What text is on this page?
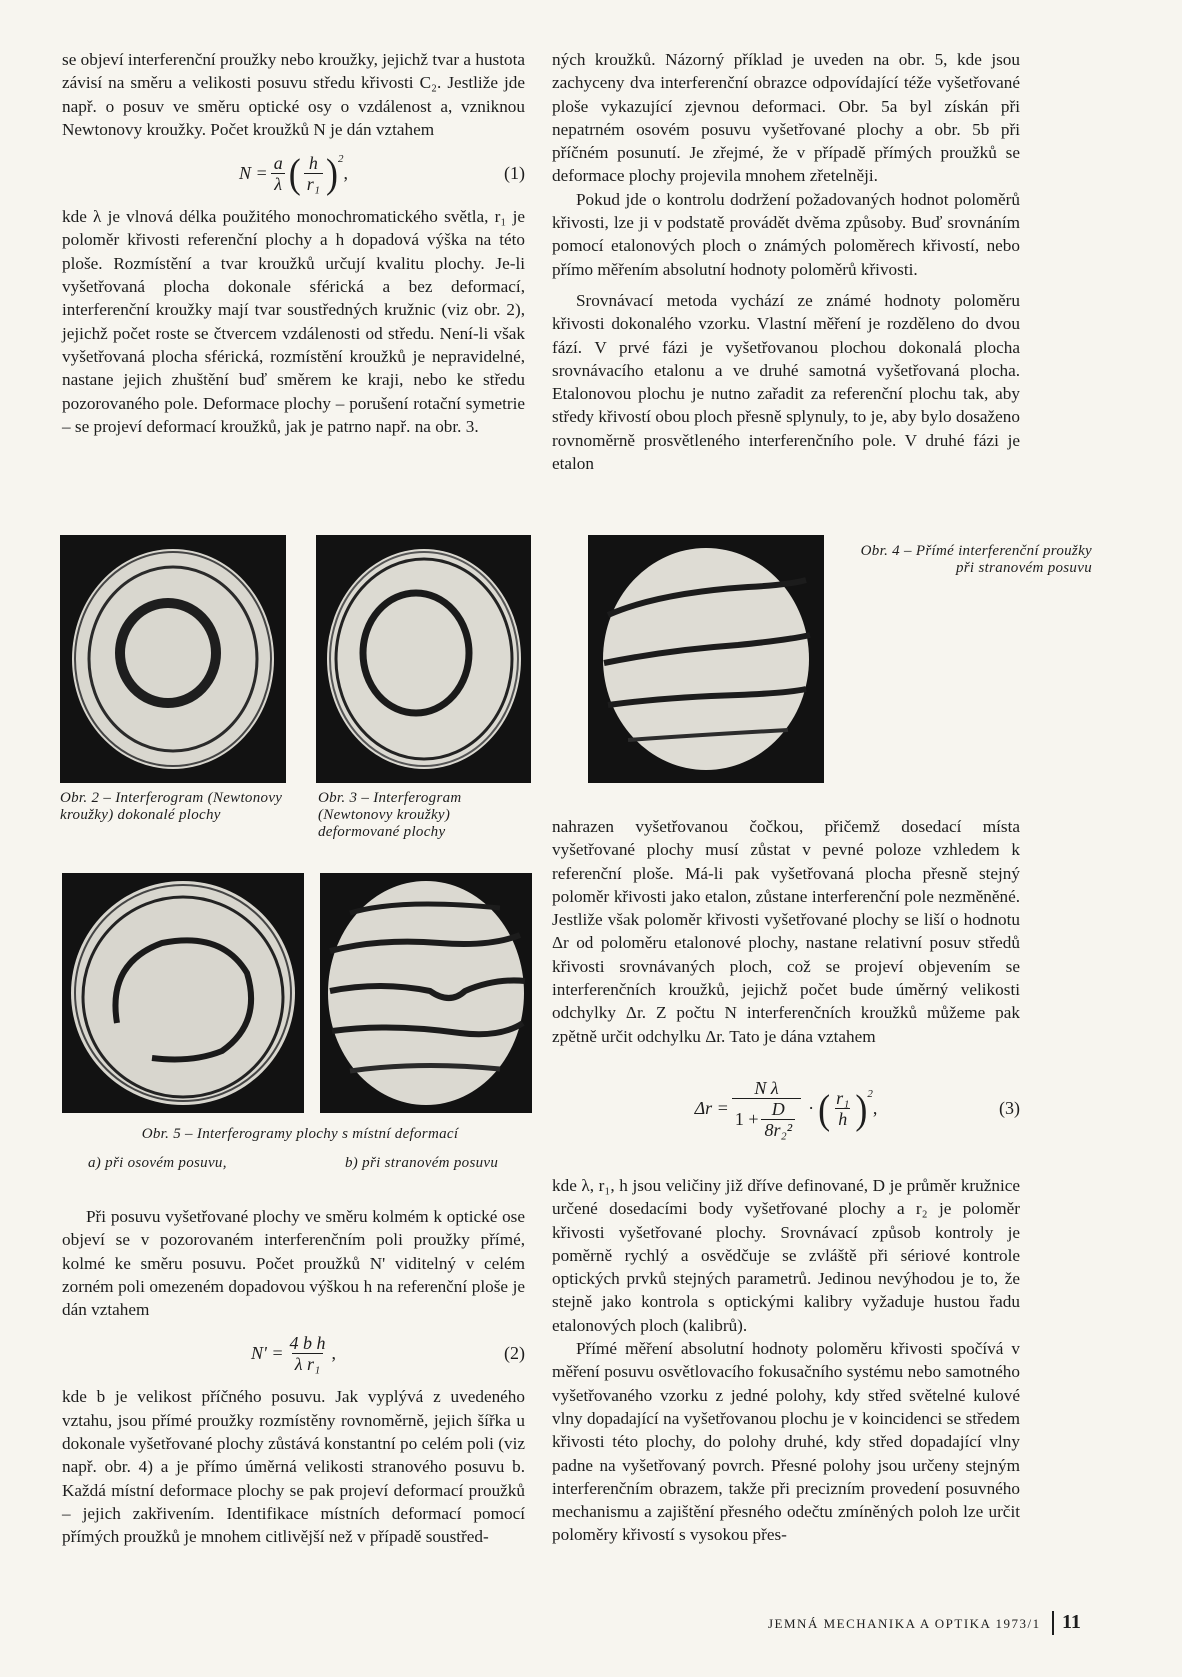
se objeví interferenční proužky nebo kroužky, jejichž tvar a hustota závisí na směru a velikosti posuvu středu křivosti C₂. Jestliže jde např. o posuv ve směru optické osy o vzdálenost a, vzniknou Newtonovy kroužky. Počet kroužků N je dán vztahem

$N = \frac{a}{\lambda}$ ( $\frac{h}{\text{r₁}} )^2$
,	(1)

kde λ je vlnová délka použitého monochromatického světla, r₁ je poloměr křivosti referenční plochy a h dopadová výška na této ploše. Rozmístění a tvar kroužků určují kvalitu plochy. Je-li vyšetřovaná plocha dokonale sférická a bez deformací, interferenční kroužky mají tvar soustředných kružnic (viz obr. 2), jejichž počet roste se čtvercem vzdálenosti od středu. Není-li však vyšetřovaná plocha sférická, rozmístění kroužků je nepravidelné, nastane jejich zhuštění buď směrem ke kraji, nebo ke středu pozorovaného pole. Deformace plochy – porušení rotační symetrie – se projeví deformací kroužků, jak je patrno např. na obr. 3.

ných kroužků. Názorný příklad je uveden na obr. 5, kde jsou zachyceny dva interferenční obrazce odpovídající téže vyšetřované ploše vykazující zjevnou deformaci. Obr. 5a byl získán při nepatrném osovém posuvu vyšetřované plochy a obr. 5b při příčném posunutí. Je zřejmé, že v případě přímých proužků se deformace plochy projevila mnohem zřetelněji.

Pokud jde o kontrolu dodržení požadovaných hodnot poloměrů křivosti, lze ji v podstatě provádět dvěma způsoby. Buď srovnáním pomocí etalonových ploch o známých poloměrech křivostí, nebo přímo měřením absolutní hodnoty poloměrů křivosti.

Srovnávací metoda vychází ze známé hodnoty poloměru křivosti dokonalého vzorku. Vlastní měření je rozděleno do dvou fází. V prvé fázi je vyšetřovanou plochou dokonalá plocha srovnávacího etalonu a ve druhé samotná vyšetřovaná plocha. Etalonovou plochu je nutno zařadit za referenční plochu tak, aby středy křivostí obou ploch přesně splynuly, to je, aby bylo dosaženo rovnoměrně prosvětleného interferenčního pole. V druhé fázi je etalon

Obr. 4 – Přímé interferenční proužky při stranovém posuvu
Obr. 2 – Interferogram (Newtonovy kroužky) dokonalé plochy
Obr. 3 – Interferogram (Newtonovy kroužky) deformované plochy
Obr. 5 – Interferogramy plochy s místní deformací
a) při osovém posuvu,	b) při stranovém posuvu

Při posuvu vyšetřované plochy ve směru kolmém k optické ose objeví se v pozorovaném interferenčním poli proužky přímé, kolmé ke směru posuvu. Počet proužků N' viditelný v celém zorném poli omezeném dopadovou výškou h na referenční ploše je dán vztahem

$N' = \frac{\text{4 b h}}{\text{λ r₁}}$ ,	(2)

kde b je velikost příčného posuvu. Jak vyplývá z uvedeného vztahu, jsou přímé proužky rozmístěny rovnoměrně, jejich šířka u dokonale vyšetřované plochy zůstává konstantní po celém poli (viz např. obr. 4) a je přímo úměrná velikosti stranového posuvu b. Každá místní deformace plochy se pak projeví deformací proužků – jejich zakřivením. Identifikace místních deformací pomocí přímých proužků je mnohem citlivější než v případě soustřed-

nahrazen vyšetřovanou čočkou, přičemž dosedací místa vyšetřované plochy musí zůstat v pevné poloze vzhledem k referenční ploše. Má-li pak vyšetřovaná plocha přesně stejný poloměr křivosti jako etalon, zůstane interferenční pole nezměněné. Jestliže však poloměr křivosti vyšetřované plochy se liší o hodnotu Δr od poloměru etalonové plochy, nastane relativní posuv středů křivosti srovnávaných ploch, což se projeví objevením se interferenčních kroužků, jejichž počet bude úměrný velikosti odchylky Δr. Z počtu N interferenčních kroužků můžeme pak zpětně určit odchylku Δr. Tato je dána vztahem

$\Delta r = \frac{\text{N λ}}{1 + \frac{D}{\text{8r₂²}}}$ · ( $\frac{\text{r₁}}{h} )^2$
,	(3)

kde λ, r₁, h jsou veličiny již dříve definované, D je průměr kružnice určené dosedacími body vyšetřované plochy a r₂ je poloměr křivosti vyšetřované plochy. Srovnávací způsob kontroly je poměrně rychlý a osvědčuje se zvláště při sériové kontrole optických prvků stejných parametrů. Jedinou nevýhodou je to, že stejně jako kontrola s optickými kalibry vyžaduje hustou řadu etalonových ploch (kalibrů).

Přímé měření absolutní hodnoty poloměru křivosti spočívá v měření posuvu osvětlovacího fokusačního systému nebo samotného vyšetřovaného vzorku z jedné polohy, kdy střed světelné kulové vlny dopadající na vyšetřovanou plochu je v koincidenci se středem křivosti této plochy, do polohy druhé, kdy střed dopadající vlny padne na vyšetřovaný povrch. Přesné polohy jsou určeny stejným interferenčním obrazem, takže při precizním provedení posuvného mechanismu a zajištění přesného odečtu zmíněných poloh lze určit poloměry křivostí s vysokou přes-

JEMNÁ MECHANIKA A OPTIKA 1973/1 11
